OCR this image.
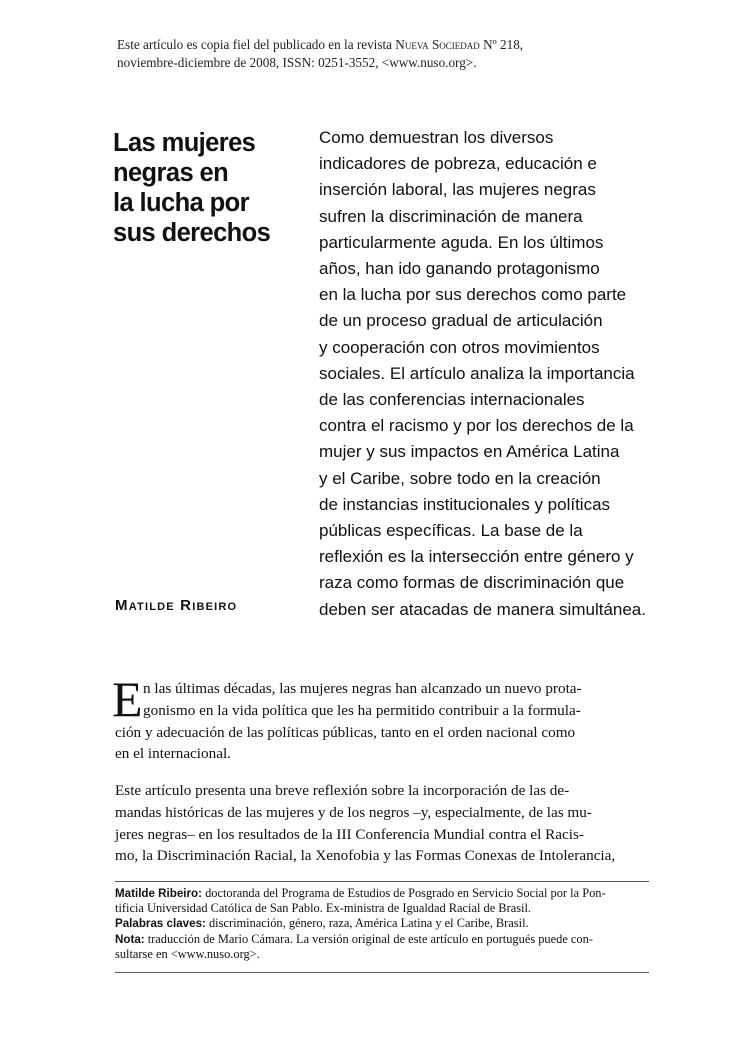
Este artículo es copia fiel del publicado en la revista Nueva Sociedad Nº 218,
noviembre-diciembre de 2008, ISSN: 0251-3552, <www.nuso.org>.
Las mujeres
negras en
la lucha por
sus derechos
Matilde Ribeiro
Como demuestran los diversos
indicadores de pobreza, educación e
inserción laboral, las mujeres negras
sufren la discriminación de manera
particularmente aguda. En los últimos
años, han ido ganando protagonismo
en la lucha por sus derechos como parte
de un proceso gradual de articulación
y cooperación con otros movimientos
sociales. El artículo analiza la importancia
de las conferencias internacionales
contra el racismo y por los derechos de la
mujer y sus impactos en América Latina
y el Caribe, sobre todo en la creación
de instancias institucionales y políticas
públicas específicas. La base de la
reflexión es la intersección entre género y
raza como formas de discriminación que
deben ser atacadas de manera simultánea.
E n las últimas décadas, las mujeres negras han alcanzado un nuevo prota-
gonismo en la vida política que les ha permitido contribuir a la formula-
ción y adecuación de las políticas públicas, tanto en el orden nacional como
en el internacional.
Este artículo presenta una breve reflexión sobre la incorporación de las de-
mandas históricas de las mujeres y de los negros –y, especialmente, de las mu-
jeres negras– en los resultados de la III Conferencia Mundial contra el Racis-
mo, la Discriminación Racial, la Xenofobia y las Formas Conexas de Intolerancia,
Matilde Ribeiro: doctoranda del Programa de Estudios de Posgrado en Servicio Social por la Pon-
tificia Universidad Católica de San Pablo. Ex-ministra de Igualdad Racial de Brasil.
Palabras claves: discriminación, género, raza, América Latina y el Caribe, Brasil.
Nota: traducción de Mario Cámara. La versión original de este artículo en portugués puede con-
sultarse en <www.nuso.org>.
